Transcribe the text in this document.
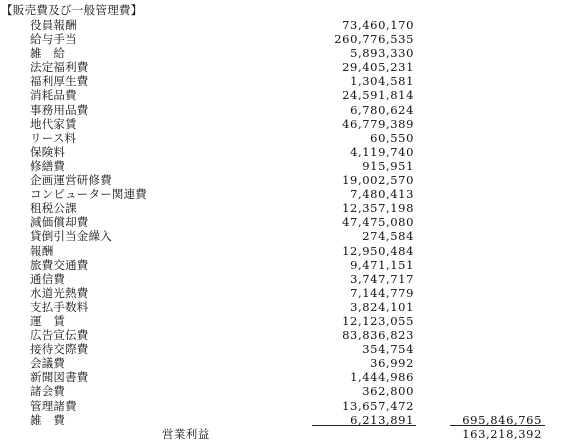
【販売費及び一般管理費】
役員報酬	73,460,170
給与手当	260,776,535
雑　給	5,893,330
法定福利費	29,405,231
福利厚生費	1,304,581
消耗品費	24,591,814
事務用品費	6,780,624
地代家賃	46,779,389
リース料	60,550
保険料	4,119,740
修繕費	915,951
企画運営研修費	19,002,570
コンピューター関連費	7,480,413
租税公課	12,357,198
減価償却費	47,475,080
貸倒引当金繰入	274,584
報酬	12,950,484
旅費交通費	9,471,151
通信費	3,747,717
水道光熱費	7,144,779
支払手数料	3,824,101
運　賃	12,123,055
広告宣伝費	83,836,823
接待交際費	354,754
会議費	36,992
新聞図書費	1,444,986
諸会費	362,800
管理諸費	13,657,472
雑　費	6,213,891	695,846,765
営業利益	163,218,392
